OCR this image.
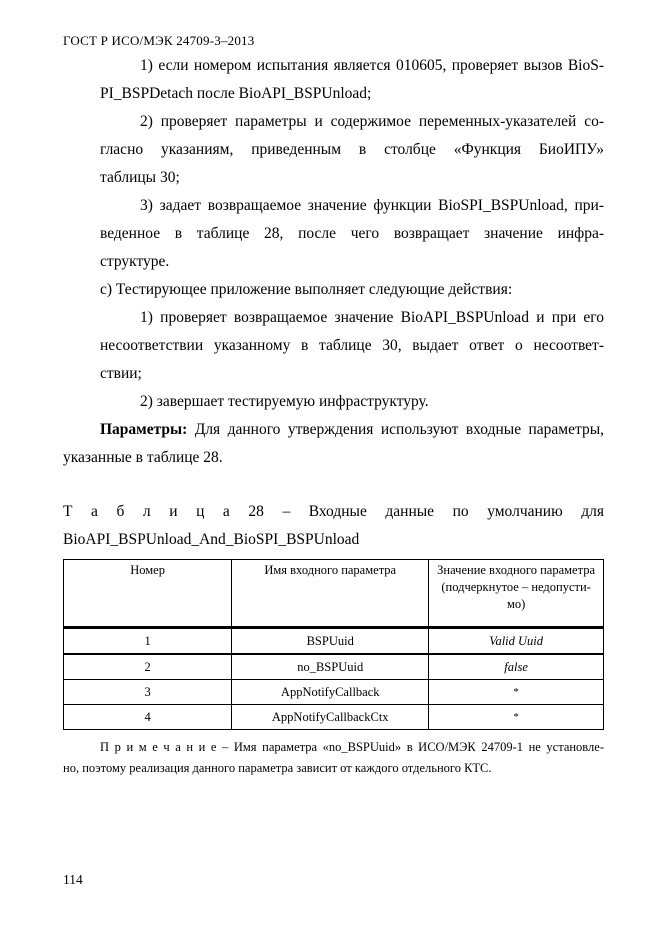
ГОСТ Р ИСО/МЭК 24709-3–2013
1) если номером испытания является 010605, проверяет вызов BioS-
PI_BSPDetach после BioAPI_BSPUnload;
2) проверяет параметры и содержимое переменных-указателей со-
гласно указаниям, приведенным в столбце «Функция БиоИПУ»
таблицы 30;
3) задает возвращаемое значение функции BioSPI_BSPUnload, при-
веденное в таблице 28, после чего возвращает значение инфра-
структуре.
c) Тестирующее приложение выполняет следующие действия:
1) проверяет возвращаемое значение BioAPI_BSPUnload и при его
несоответствии указанному в таблице 30, выдает ответ о несоответ-
ствии;
2) завершает тестируемую инфраструктуру.
Параметры: Для данного утверждения используют входные параметры,
указанные в таблице 28.
Т а б л и ц а 28 – Входные данные по умолчанию для
BioAPI_BSPUnload_And_BioSPI_BSPUnload
Номер	Имя входного параметра	Значение входного параметра
(подчеркнутое – недопусти-
мо)

1	BSPUuid	Valid Uuid
2	no_BSPUuid	false
3	AppNotifyCallback	*
4	AppNotifyCallbackCtx	*
П р и м е ч а н и е – Имя параметра «no_BSPUuid» в ИСО/МЭК 24709-1 не установле-
но, поэтому реализация данного параметра зависит от каждого отдельного КТС.
114
